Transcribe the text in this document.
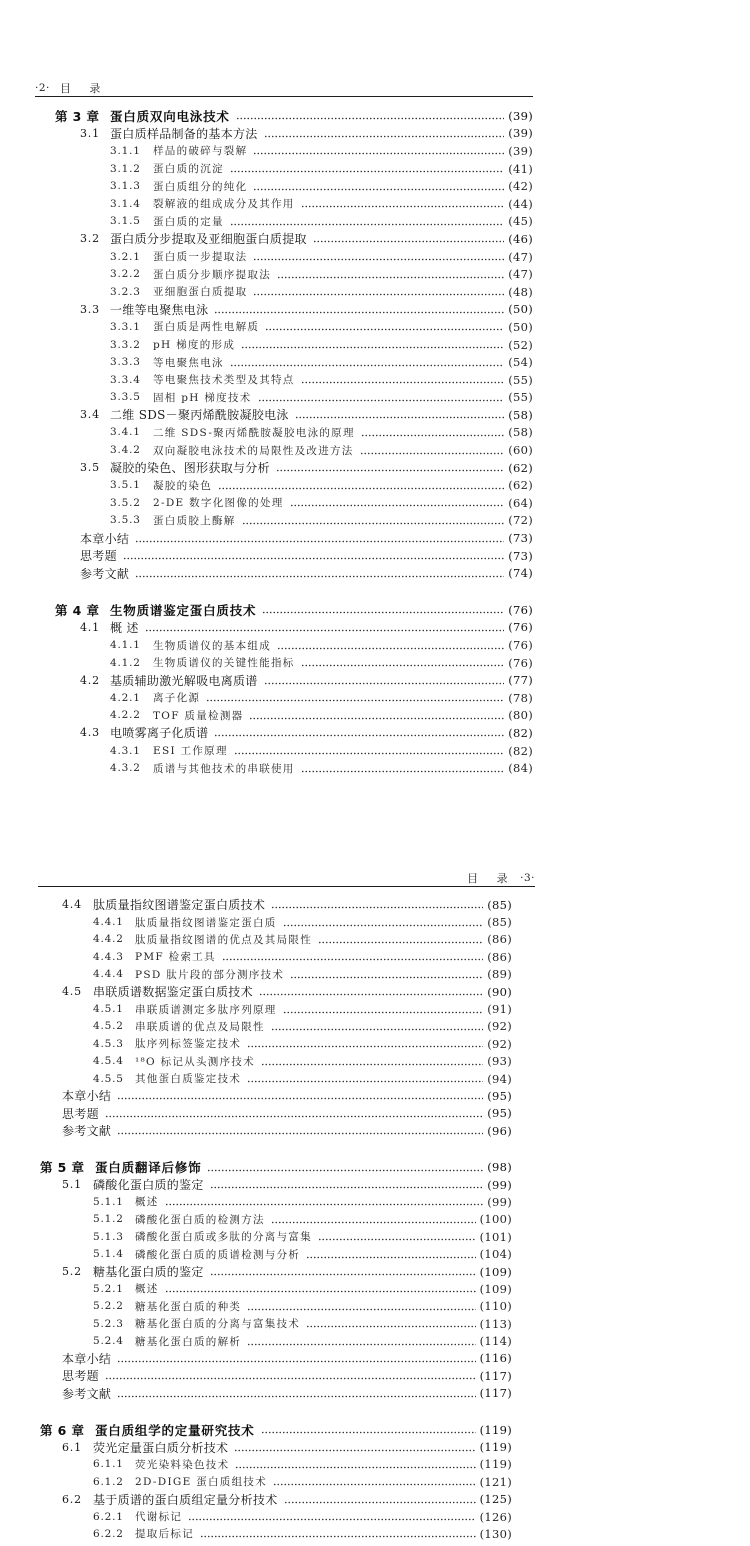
·2· 目 录
第 3 章 蛋白质双向电泳技术	(39)
3.1 蛋白质样品制备的基本方法	(39)
3.1.1	样品的破碎与裂解	(39)
3.1.2	蛋白质的沉淀	(41)
3.1.3	蛋白质组分的纯化	(42)
3.1.4	裂解液的组成成分及其作用	(44)
3.1.5	蛋白质的定量	(45)
3.2 蛋白质分步提取及亚细胞蛋白质提取	(46)
3.2.1	蛋白质一步提取法	(47)
3.2.2	蛋白质分步顺序提取法	(47)
3.2.3	亚细胞蛋白质提取	(48)
3.3 一维等电聚焦电泳	(50)
3.3.1	蛋白质是两性电解质	(50)
3.3.2	pH 梯度的形成	(52)
3.3.3	等电聚焦电泳	(54)
3.3.4	等电聚焦技术类型及其特点	(55)
3.3.5	固相 pH 梯度技术	(55)
3.4 二维 SDS－聚丙烯酰胺凝胶电泳	(58)
3.4.1	二维 SDS-聚丙烯酰胺凝胶电泳的原理	(58)
3.4.2	双向凝胶电泳技术的局限性及改进方法	(60)
3.5 凝胶的染色、图形获取与分析	(62)
3.5.1	凝胶的染色	(62)
3.5.2	2-DE 数字化图像的处理	(64)
3.5.3	蛋白质胶上酶解	(72)
本章小结	(73)
思考题	(73)
参考文献	(74)
第 4 章 生物质谱鉴定蛋白质技术	(76)
4.1 概 述	(76)
4.1.1	生物质谱仪的基本组成	(76)
4.1.2	生物质谱仪的关键性能指标	(76)
4.2 基质辅助激光解吸电离质谱	(77)
4.2.1	离子化源	(78)
4.2.2	TOF 质量检测器	(80)
4.3 电喷雾离子化质谱	(82)
4.3.1	ESI 工作原理	(82)
4.3.2	质谱与其他技术的串联使用	(84)
目 录 ·3·
4.4 肽质量指纹图谱鉴定蛋白质技术	(85)
4.4.1	肽质量指纹图谱鉴定蛋白质	(85)
4.4.2	肽质量指纹图谱的优点及其局限性	(86)
4.4.3	PMF 检索工具	(86)
4.4.4	PSD 肽片段的部分测序技术	(89)
4.5 串联质谱数据鉴定蛋白质技术	(90)
4.5.1	串联质谱测定多肽序列原理	(91)
4.5.2	串联质谱的优点及局限性	(92)
4.5.3	肽序列标签鉴定技术	(92)
4.5.4	¹⁸O 标记从头测序技术	(93)
4.5.5	其他蛋白质鉴定技术	(94)
本章小结	(95)
思考题	(95)
参考文献	(96)
第 5 章 蛋白质翻译后修饰	(98)
5.1 磷酸化蛋白质的鉴定	(99)
5.1.1	概述	(99)
5.1.2	磷酸化蛋白质的检测方法	(100)
5.1.3	磷酸化蛋白质或多肽的分离与富集	(101)
5.1.4	磷酸化蛋白质的质谱检测与分析	(104)
5.2 糖基化蛋白质的鉴定	(109)
5.2.1	概述	(109)
5.2.2	糖基化蛋白质的种类	(110)
5.2.3	糖基化蛋白质的分离与富集技术	(113)
5.2.4	糖基化蛋白质的解析	(114)
本章小结	(116)
思考题	(117)
参考文献	(117)
第 6 章 蛋白质组学的定量研究技术	(119)
6.1 荧光定量蛋白质分析技术	(119)
6.1.1	荧光染料染色技术	(119)
6.1.2	2D-DIGE 蛋白质组技术	(121)
6.2 基于质谱的蛋白质组定量分析技术	(125)
6.2.1	代谢标记	(126)
6.2.2	提取后标记	(130)
